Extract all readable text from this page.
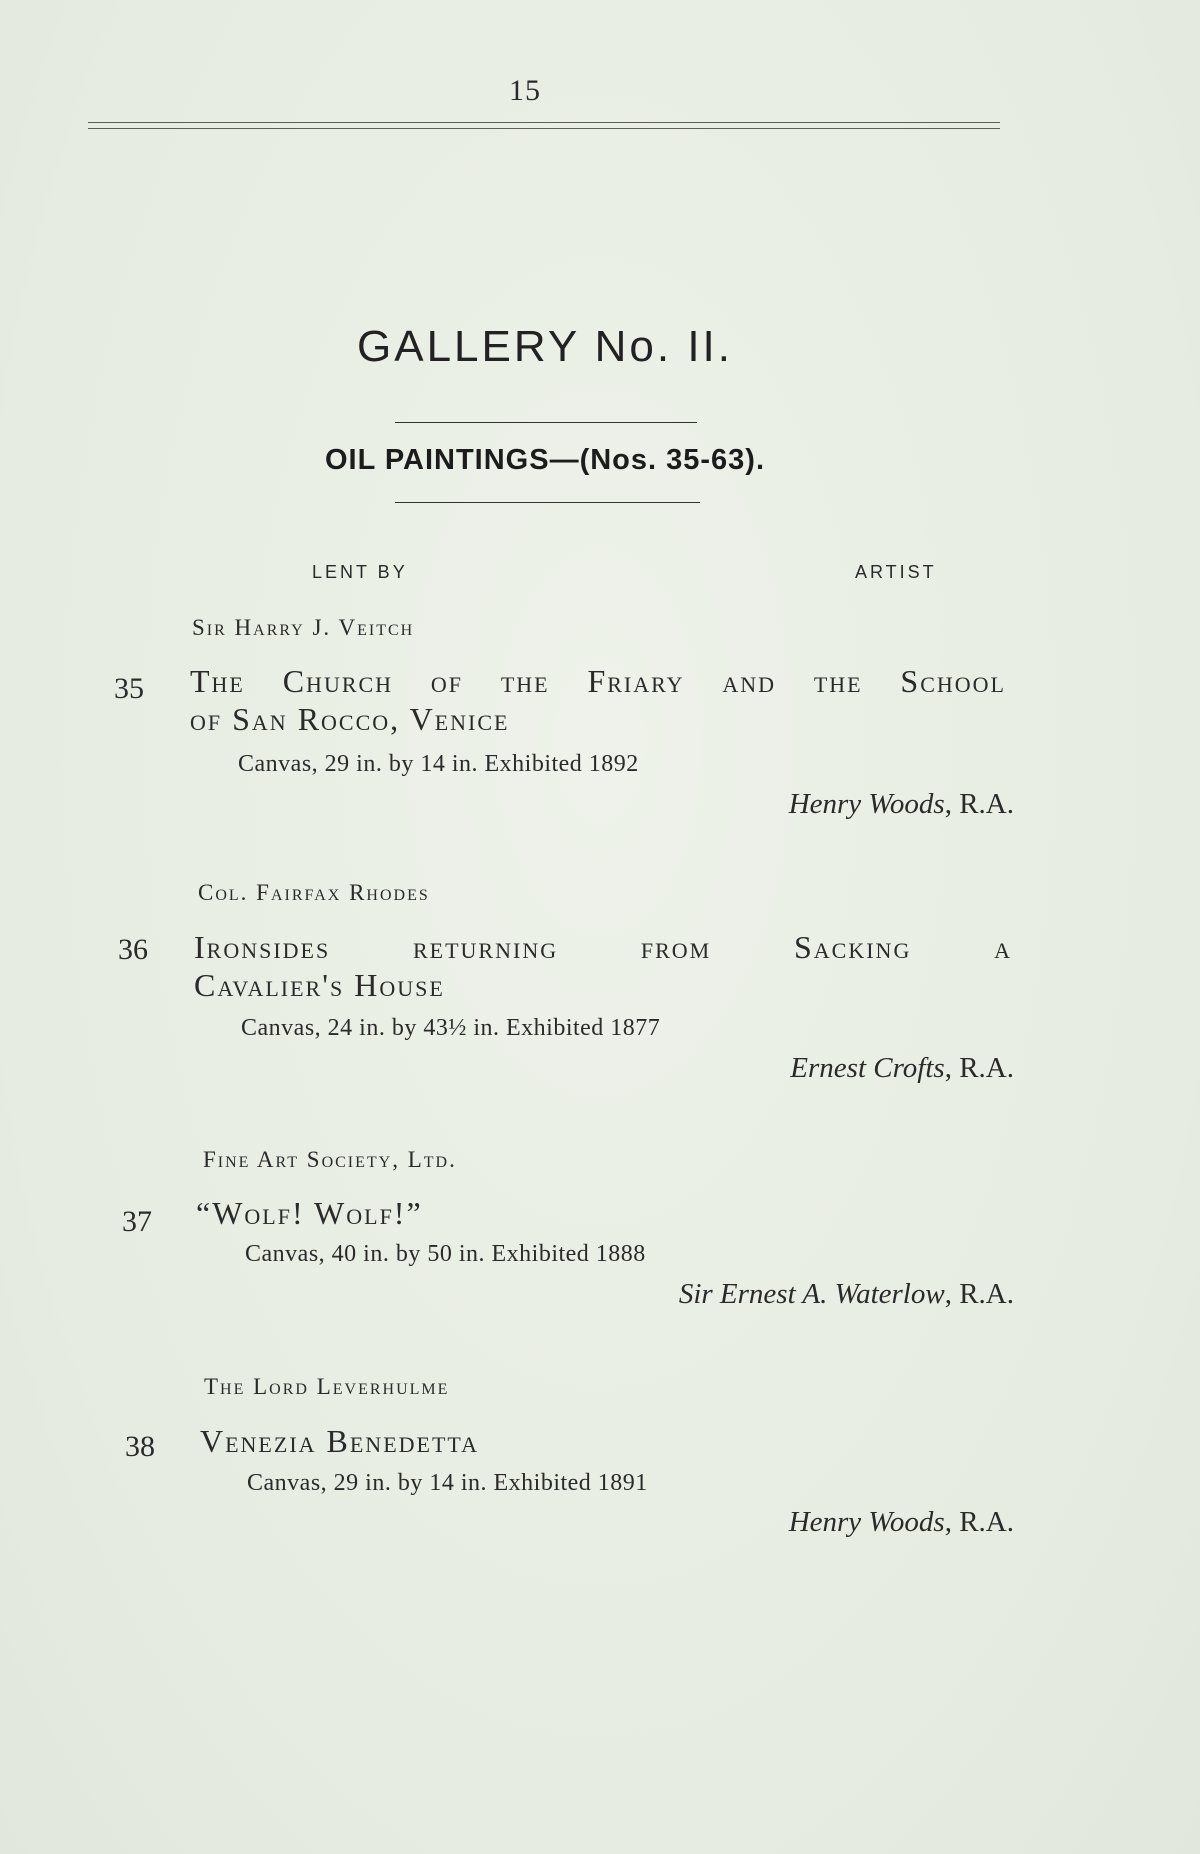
15
GALLERY No. II.
OIL PAINTINGS—(Nos. 35-63).
LENT BY	ARTIST
Sir Harry J. Veitch
35	The Church of the Friary and the School
of San Rocco, Venice
Canvas, 29 in. by 14 in. Exhibited 1892
Henry Woods, R.A.
Col. Fairfax Rhodes
36	Ironsides returning from Sacking a
Cavalier's House
Canvas, 24 in. by 43½ in. Exhibited 1877
Ernest Crofts, R.A.
Fine Art Society, Ltd.
37	“Wolf! Wolf!”
Canvas, 40 in. by 50 in. Exhibited 1888
Sir Ernest A. Waterlow, R.A.
The Lord Leverhulme
38	Venezia Benedetta
Canvas, 29 in. by 14 in. Exhibited 1891
Henry Woods, R.A.
